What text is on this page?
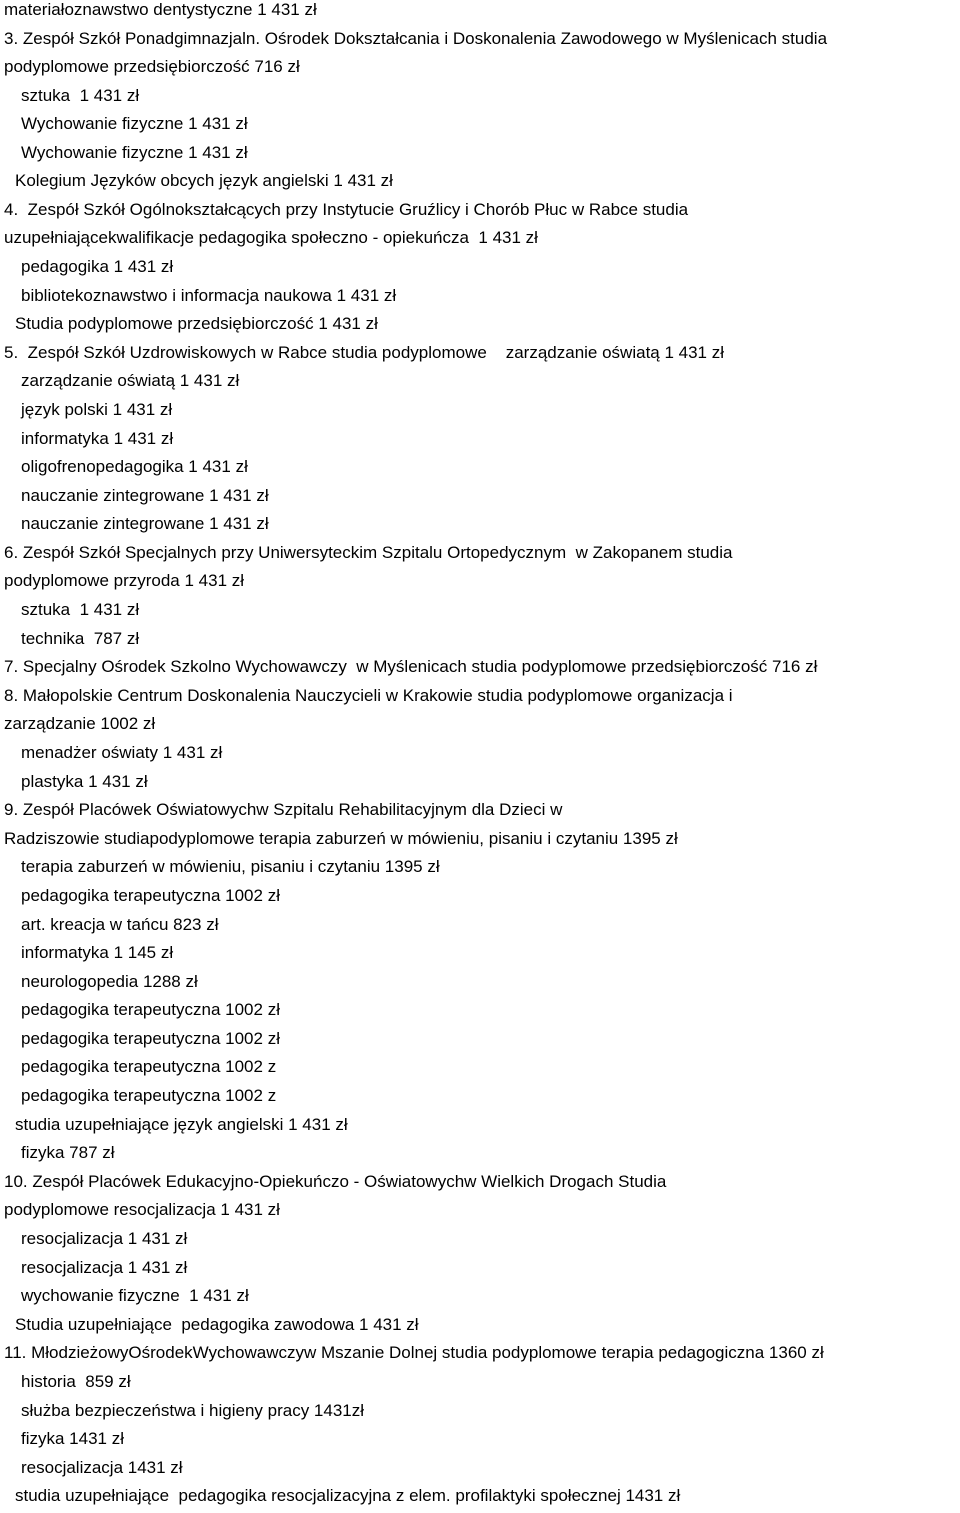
materiałoznawstwo dentystyczne 1 431 zł

3. Zespół Szkół Ponadgimnazjaln. Ośrodek Dokształcania i Doskonalenia Zawodowego w Myślenicach studia

podyplomowe przedsiębiorczość 716 zł

sztuka  1 431 zł

Wychowanie fizyczne 1 431 zł

Wychowanie fizyczne 1 431 zł

Kolegium Języków obcych język angielski 1 431 zł

4.  Zespół Szkół Ogólnokształcących przy Instytucie Gruźlicy i Chorób Płuc w Rabce studia

uzupełniającekwalifikacje pedagogika społeczno - opiekuńcza  1 431 zł

pedagogika 1 431 zł

bibliotekoznawstwo i informacja naukowa 1 431 zł

Studia podyplomowe przedsiębiorczość 1 431 zł

5.  Zespół Szkół Uzdrowiskowych w Rabce studia podyplomowe    zarządzanie oświatą 1 431 zł

zarządzanie oświatą 1 431 zł

język polski 1 431 zł

informatyka 1 431 zł

oligofrenopedagogika 1 431 zł

nauczanie zintegrowane 1 431 zł

nauczanie zintegrowane 1 431 zł

6. Zespół Szkół Specjalnych przy Uniwersyteckim Szpitalu Ortopedycznym  w Zakopanem studia

podyplomowe przyroda 1 431 zł

sztuka  1 431 zł

technika  787 zł

7. Specjalny Ośrodek Szkolno Wychowawczy  w Myślenicach studia podyplomowe przedsiębiorczość 716 zł

8. Małopolskie Centrum Doskonalenia Nauczycieli w Krakowie studia podyplomowe organizacja i

zarządzanie 1002 zł

menadżer oświaty 1 431 zł

plastyka 1 431 zł

9. Zespół Placówek Oświatowychw Szpitalu Rehabilitacyjnym dla Dzieci w

Radziszowie studiapodyplomowe terapia zaburzeń w mówieniu, pisaniu i czytaniu 1395 zł

terapia zaburzeń w mówieniu, pisaniu i czytaniu 1395 zł

pedagogika terapeutyczna 1002 zł

art. kreacja w tańcu 823 zł

informatyka 1 145 zł

neurologopedia 1288 zł

pedagogika terapeutyczna 1002 zł

pedagogika terapeutyczna 1002 zł

pedagogika terapeutyczna 1002 z

pedagogika terapeutyczna 1002 z

studia uzupełniające język angielski 1 431 zł

fizyka 787 zł

10. Zespół Placówek Edukacyjno-Opiekuńczo - Oświatowychw Wielkich Drogach Studia

podyplomowe resocjalizacja 1 431 zł

resocjalizacja 1 431 zł

resocjalizacja 1 431 zł

wychowanie fizyczne  1 431 zł

Studia uzupełniające  pedagogika zawodowa 1 431 zł

11. MłodzieżowyOśrodekWychowawczyw Mszanie Dolnej studia podyplomowe terapia pedagogiczna 1360 zł

historia  859 zł

służba bezpieczeństwa i higieny pracy 1431zł

fizyka 1431 zł

resocjalizacja 1431 zł

studia uzupełniające  pedagogika resocjalizacyjna z elem. profilaktyki społecznej 1431 zł
